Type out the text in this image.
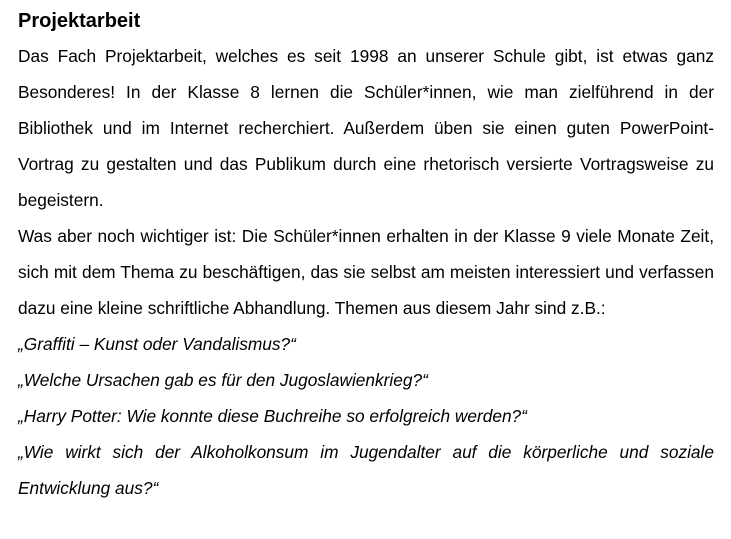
Projektarbeit

Das Fach Projektarbeit, welches es seit 1998 an unserer Schule gibt, ist etwas ganz Besonderes! In der Klasse 8 lernen die Schüler*innen, wie man zielführend in der Bibliothek und im Internet recherchiert. Außerdem üben sie einen guten PowerPoint-Vortrag zu gestalten und das Publikum durch eine rhetorisch versierte Vortragsweise zu begeistern.

Was aber noch wichtiger ist: Die Schüler*innen erhalten in der Klasse 9 viele Monate Zeit, sich mit dem Thema zu beschäftigen, das sie selbst am meisten interessiert und verfassen dazu eine kleine schriftliche Abhandlung. Themen aus diesem Jahr sind z.B.:

„Graffiti – Kunst oder Vandalismus?“

„Welche Ursachen gab es für den Jugoslawienkrieg?“

„Harry Potter: Wie konnte diese Buchreihe so erfolgreich werden?“

„Wie wirkt sich der Alkoholkonsum im Jugendalter auf die körperliche und soziale Entwicklung aus?“
